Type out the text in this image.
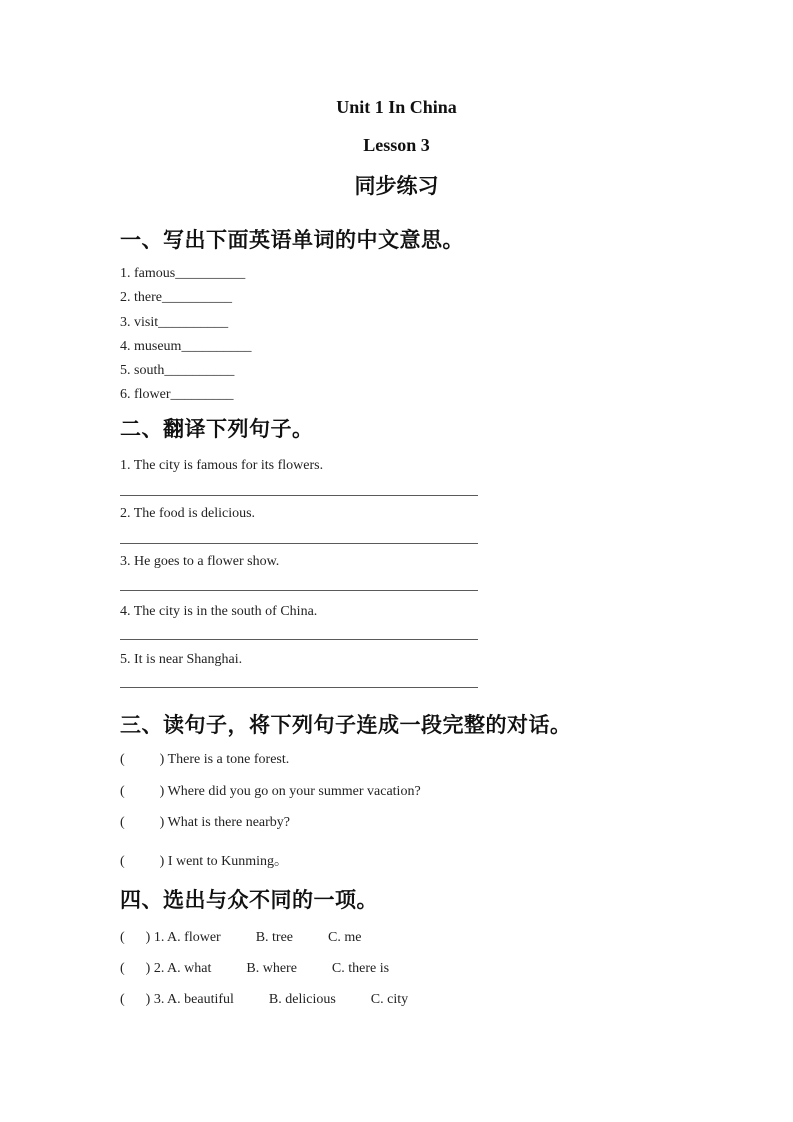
Unit 1 In China
Lesson 3
同步练习
一、写出下面英语单词的中文意思。
1. famous__________
2. there__________
3. visit__________
4. museum__________
5. south__________
6. flower_________
二、翻译下列句子。
1. The city is famous for its flowers.
2. The food is delicious.
3. He goes to a flower show.
4. The city is in the south of China.
5. It is near Shanghai.
三、读句子，将下列句子连成一段完整的对话。
(          ) There is a tone forest.
(          ) Where did you go on your summer vacation?
(          ) What is there nearby?
(          ) I went to Kunming。
四、选出与众不同的一项。
(      ) 1. A. flower          B. tree          C. me
(      ) 2. A. what          B. where          C. there is
(      ) 3. A. beautiful          B. delicious          C. city
